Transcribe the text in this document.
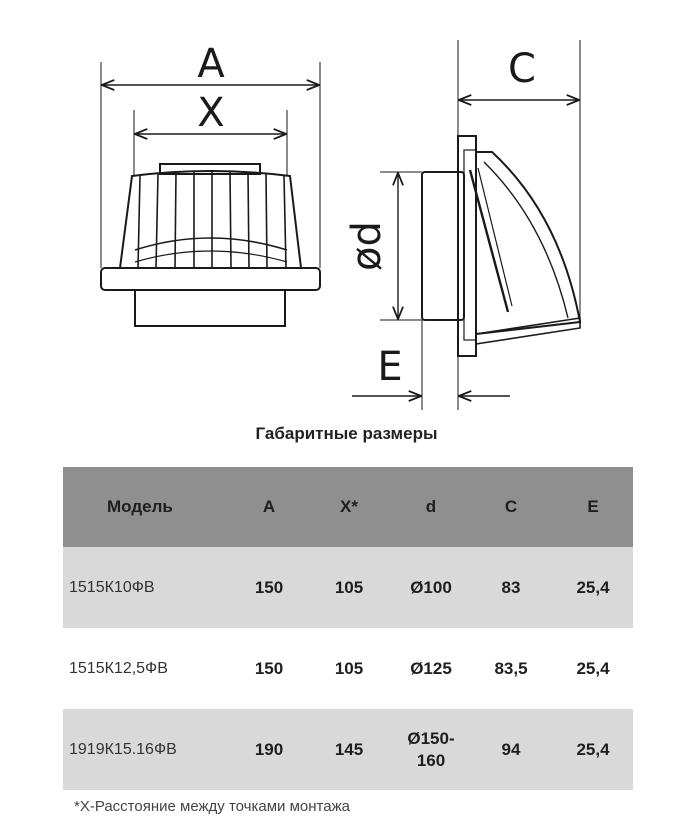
A
X
C
ød
E
Габаритные размеры
Модель	A	X*	d	C	E
1515К10ФВ	150	105	Ø100	83	25,4
1515К12,5ФВ	150	105	Ø125	83,5	25,4
1919К15.16ФВ	190	145	Ø150-160	94	25,4
*X-Расстояние между точками монтажа
